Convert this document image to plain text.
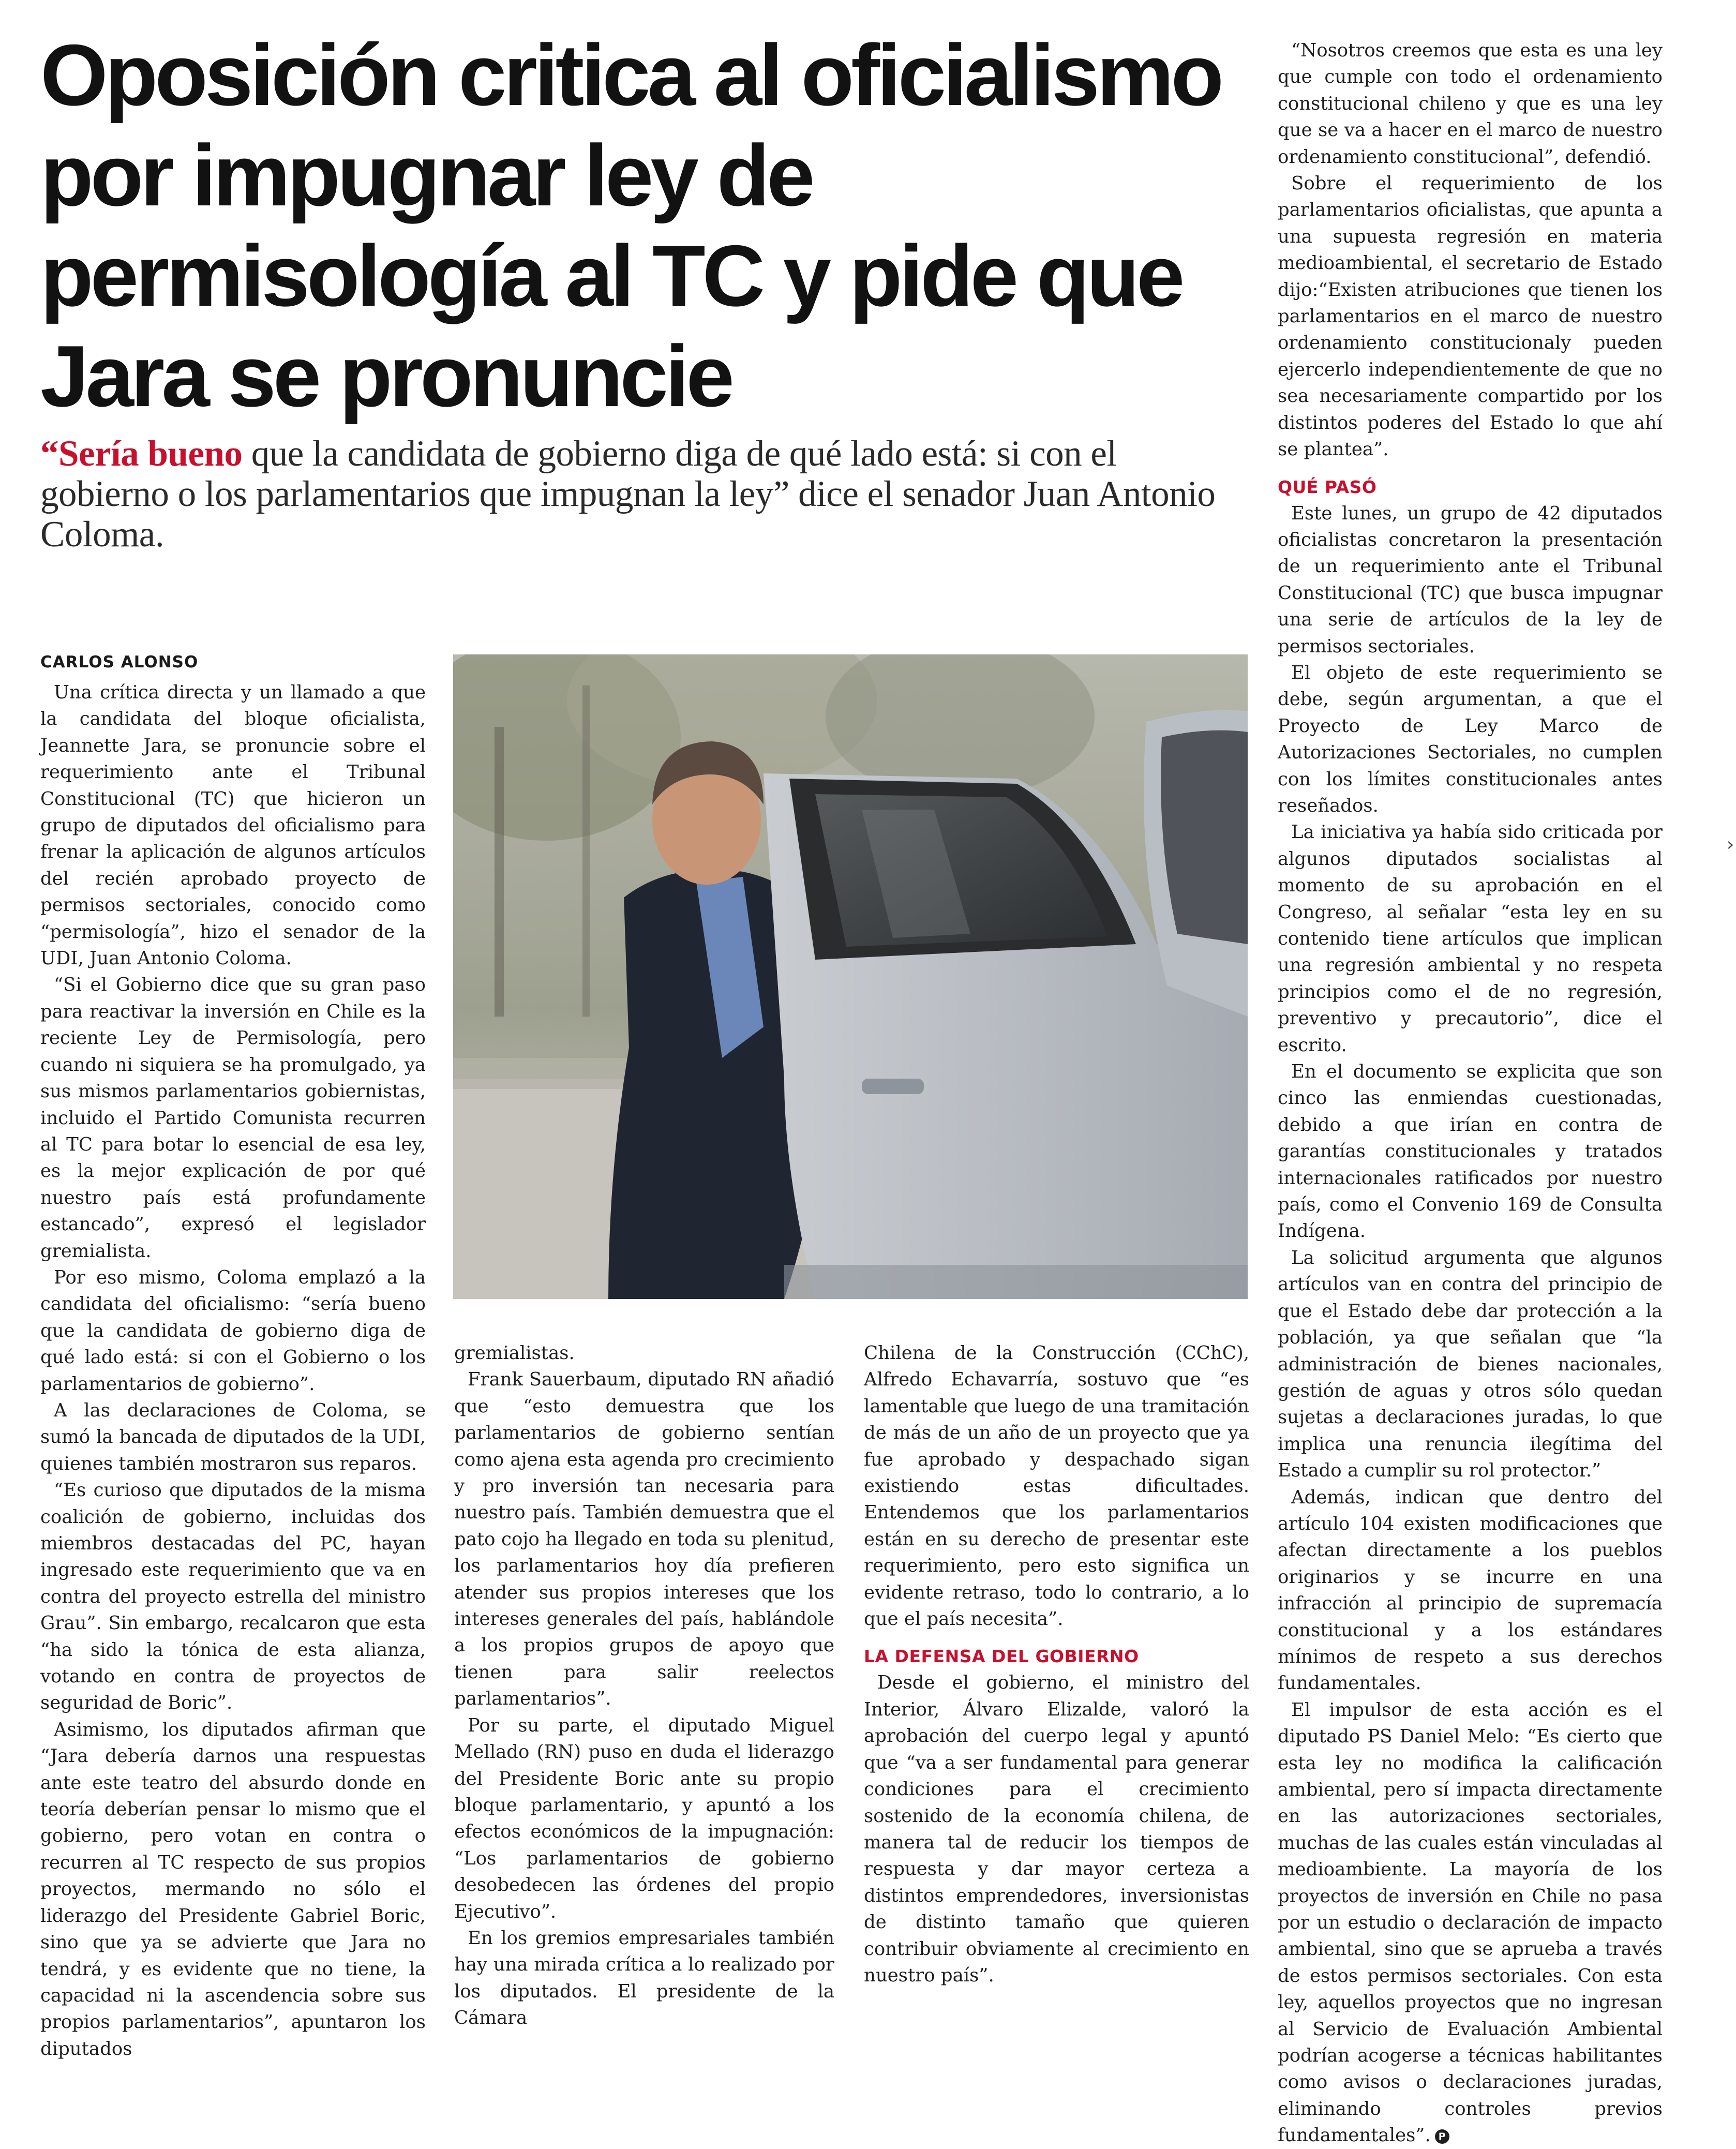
Oposición critica al oficialismo por impugnar ley de permisología al TC y pide que Jara se pronuncie

“Sería bueno que la candidata de gobierno diga de qué lado está: si con el gobierno o los parlamentarios que impugnan la ley” dice el senador Juan Antonio Coloma.

CARLOS ALONSO

Una crítica directa y un llamado a que la candidata del bloque oficialista, Jeannette Jara, se pronuncie sobre el requerimiento ante el Tribunal Constitucional (TC) que hicieron un grupo de diputados del oficialismo para frenar la aplicación de algunos artículos del recién aprobado proyecto de permisos sectoriales, conocido como “permisología”, hizo el senador de la UDI, Juan Antonio Coloma.

“Si el Gobierno dice que su gran paso para reactivar la inversión en Chile es la reciente Ley de Permisología, pero cuando ni siquiera se ha promulgado, ya sus mismos parlamentarios gobiernistas, incluido el Partido Comunista recurren al TC para botar lo esencial de esa ley, es la mejor explicación de por qué nuestro país está profundamente estancado”, expresó el legislador gremialista.

Por eso mismo, Coloma emplazó a la candidata del oficialismo: “sería bueno que la candidata de gobierno diga de qué lado está: si con el Gobierno o los parlamentarios de gobierno”.

A las declaraciones de Coloma, se sumó la bancada de diputados de la UDI, quienes también mostraron sus reparos.

“Es curioso que diputados de la misma coalición de gobierno, incluidas dos miembros destacadas del PC, hayan ingresado este requerimiento que va en contra del proyecto estrella del ministro Grau”. Sin embargo, recalcaron que esta “ha sido la tónica de esta alianza, votando en contra de proyectos de seguridad de Boric”.

Asimismo, los diputados afirman que “Jara debería darnos una respuestas ante este teatro del absurdo donde en teoría deberían pensar lo mismo que el gobierno, pero votan en contra o recurren al TC respecto de sus propios proyectos, mermando no sólo el liderazgo del Presidente Gabriel Boric, sino que ya se advierte que Jara no tendrá, y es evidente que no tiene, la capacidad ni la ascendencia sobre sus propios parlamentarios”, apuntaron los diputados

gremialistas.

Frank Sauerbaum, diputado RN añadió que “esto demuestra que los parlamentarios de gobierno sentían como ajena esta agenda pro crecimiento y pro inversión tan necesaria para nuestro país. También demuestra que el pato cojo ha llegado en toda su plenitud, los parlamentarios hoy día prefieren atender sus propios intereses que los intereses generales del país, hablándole a los propios grupos de apoyo que tienen para salir reelectos parlamentarios”.

Por su parte, el diputado Miguel Mellado (RN) puso en duda el liderazgo del Presidente Boric ante su propio bloque parlamentario, y apuntó a los efectos económicos de la impugnación: “Los parlamentarios de gobierno desobedecen las órdenes del propio Ejecutivo”.

En los gremios empresariales también hay una mirada crítica a lo realizado por los diputados. El presidente de la Cámara

Chilena de la Construcción (CChC), Alfredo Echavarría, sostuvo que “es lamentable que luego de una tramitación de más de un año de un proyecto que ya fue aprobado y despachado sigan existiendo estas dificultades. Entendemos que los parlamentarios están en su derecho de presentar este requerimiento, pero esto significa un evidente retraso, todo lo contrario, a lo que el país necesita”.

LA DEFENSA DEL GOBIERNO

Desde el gobierno, el ministro del Interior, Álvaro Elizalde, valoró la aprobación del cuerpo legal y apuntó que “va a ser fundamental para generar condiciones para el crecimiento sostenido de la economía chilena, de manera tal de reducir los tiempos de respuesta y dar mayor certeza a distintos emprendedores, inversionistas de distinto tamaño que quieren contribuir obviamente al crecimiento en nuestro país”.

“Nosotros creemos que esta es una ley que cumple con todo el ordenamiento constitucional chileno y que es una ley que se va a hacer en el marco de nuestro ordenamiento constitucional”, defendió.

Sobre el requerimiento de los parlamentarios oficialistas, que apunta a una supuesta regresión en materia medioambiental, el secretario de Estado dijo:“Existen atribuciones que tienen los parlamentarios en el marco de nuestro ordenamiento constitucionaly pueden ejercerlo independientemente de que no sea necesariamente compartido por los distintos poderes del Estado lo que ahí se plantea”.

QUÉ PASÓ

Este lunes, un grupo de 42 diputados oficialistas concretaron la presentación de un requerimiento ante el Tribunal Constitucional (TC) que busca impugnar una serie de artículos de la ley de permisos sectoriales.

El objeto de este requerimiento se debe, según argumentan, a que el Proyecto de Ley Marco de Autorizaciones Sectoriales, no cumplen con los límites constitucionales antes reseñados.

La iniciativa ya había sido criticada por algunos diputados socialistas al momento de su aprobación en el Congreso, al señalar “esta ley en su contenido tiene artículos que implican una regresión ambiental y no respeta principios como el de no regresión, preventivo y precautorio”, dice el escrito.

En el documento se explicita que son cinco las enmiendas cuestionadas, debido a que irían en contra de garantías constitucionales y tratados internacionales ratificados por nuestro país, como el Convenio 169 de Consulta Indígena.

La solicitud argumenta que algunos artículos van en contra del principio de que el Estado debe dar protección a la población, ya que señalan que “la administración de bienes nacionales, gestión de aguas y otros sólo quedan sujetas a declaraciones juradas, lo que implica una renuncia ilegítima del Estado a cumplir su rol protector.”

Además, indican que dentro del artículo 104 existen modificaciones que afectan directamente a los pueblos originarios y se incurre en una infracción al principio de supremacía constitucional y a los estándares mínimos de respeto a sus derechos fundamentales.

El impulsor de esta acción es el diputado PS Daniel Melo: “Es cierto que esta ley no modifica la calificación ambiental, pero sí impacta directamente en las autorizaciones sectoriales, muchas de las cuales están vinculadas al medioambiente. La mayoría de los proyectos de inversión en Chile no pasa por un estudio o declaración de impacto ambiental, sino que se aprueba a través de estos permisos sectoriales. Con esta ley, aquellos proyectos que no ingresan al Servicio de Evaluación Ambiental podrían acogerse a técnicas habilitantes como avisos o declaraciones juradas, eliminando controles previos fundamentales”. P

›
